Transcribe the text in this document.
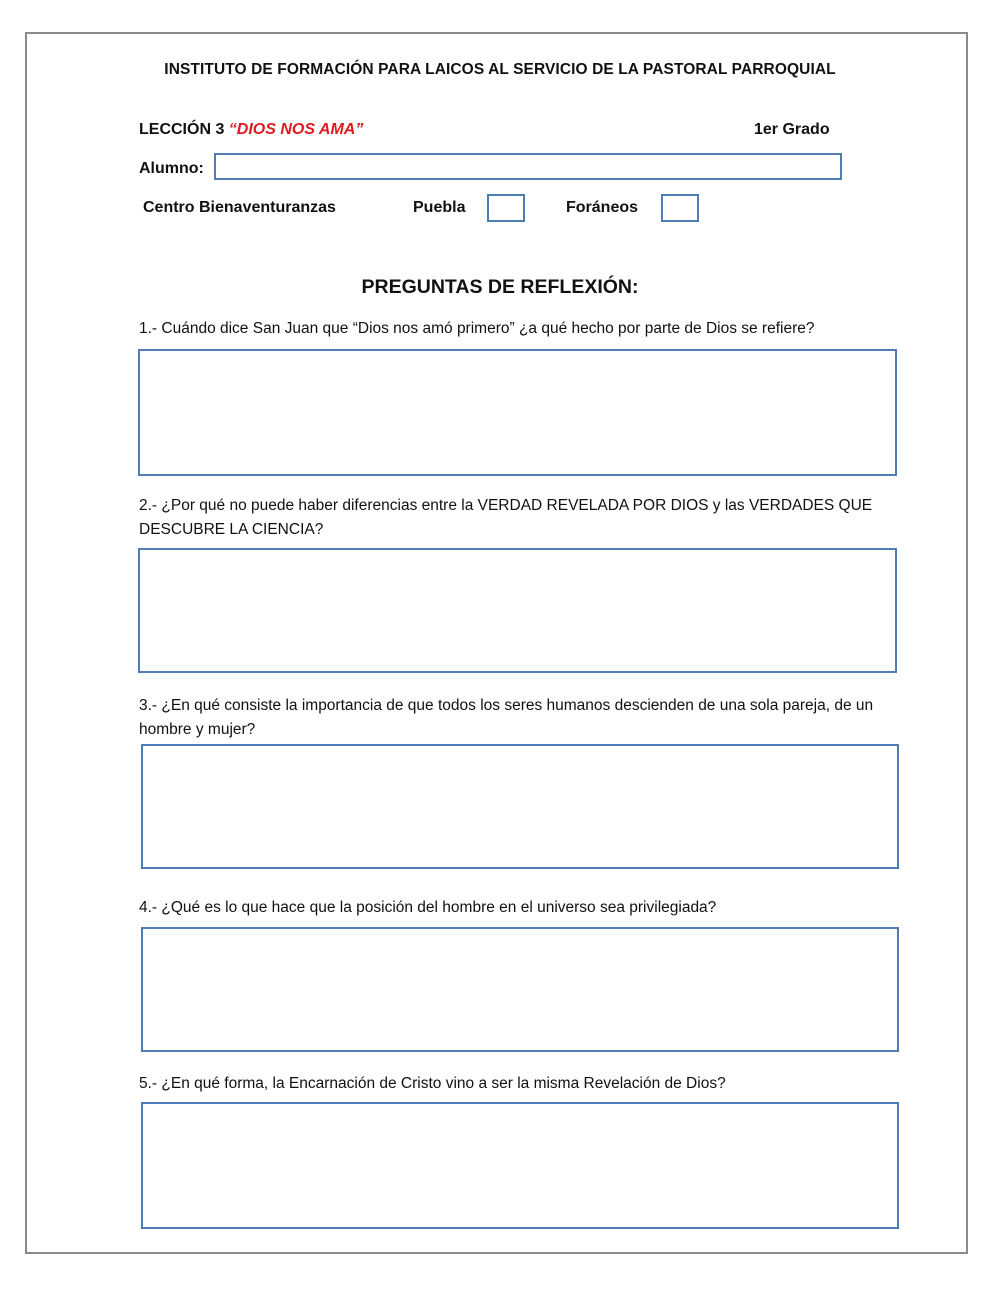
INSTITUTO DE FORMACIÓN PARA LAICOS AL SERVICIO DE LA PASTORAL PARROQUIAL
LECCIÓN 3 “DIOS NOS AMA”	1er Grado
Alumno:
Centro Bienaventuranzas	Puebla	Foráneos
PREGUNTAS DE REFLEXIÓN:
1.- Cuándo dice San Juan que “Dios nos amó primero” ¿a qué hecho por parte de Dios se refiere?
2.- ¿Por qué no puede haber diferencias entre la VERDAD REVELADA POR DIOS y las VERDADES QUE DESCUBRE LA CIENCIA?
3.- ¿En qué consiste la importancia de que todos los seres humanos descienden de una sola pareja, de un hombre y mujer?
4.- ¿Qué es lo que hace que la posición del hombre en el universo sea privilegiada?
5.- ¿En qué forma, la Encarnación de Cristo vino a ser la misma Revelación de Dios?
